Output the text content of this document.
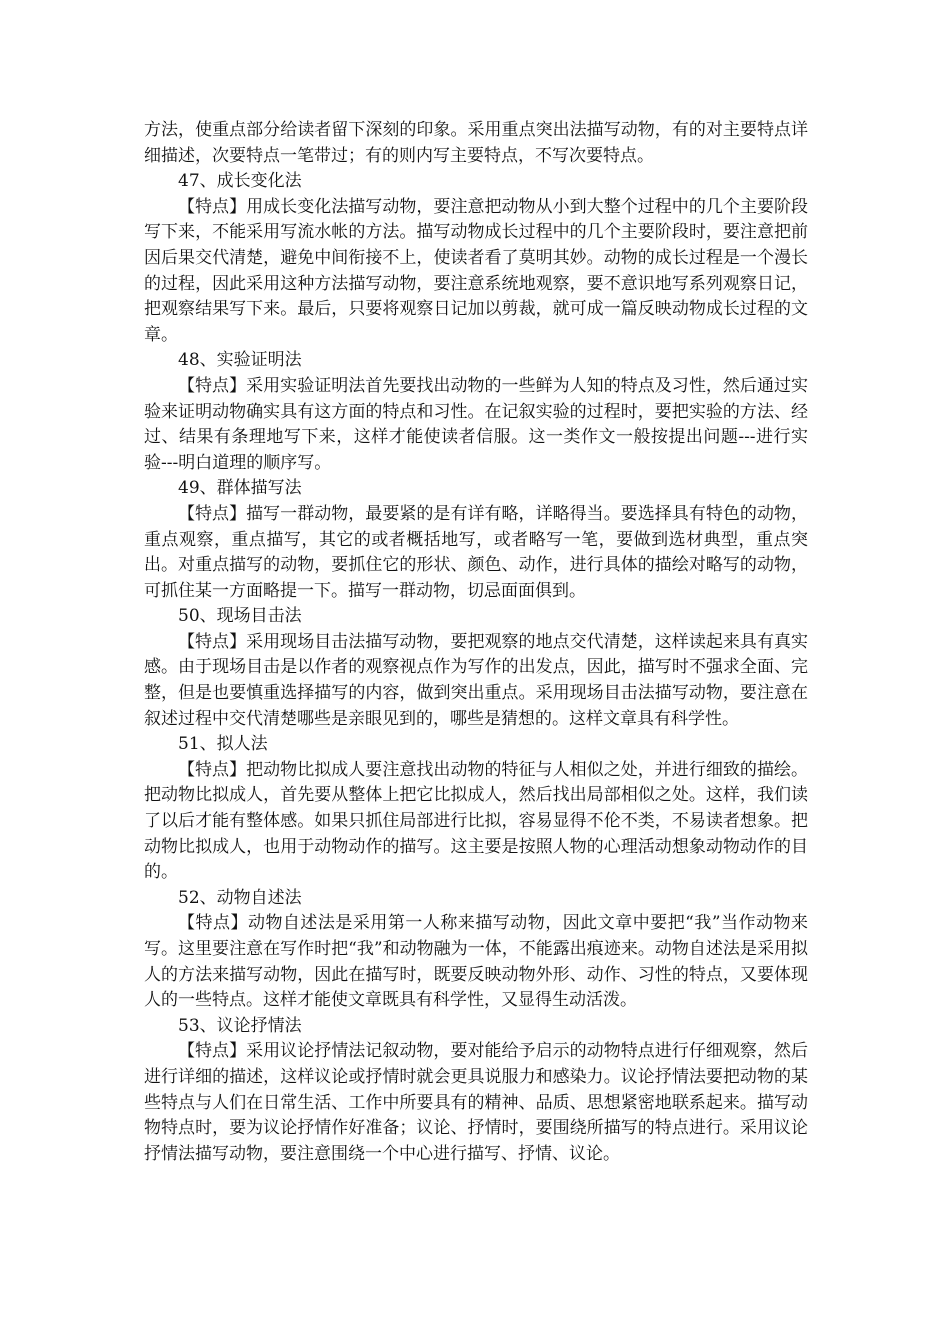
方法，使重点部分给读者留下深刻的印象。采用重点突出法描写动物，有的对主要特点详细描述，次要特点一笔带过；有的则内写主要特点，不写次要特点。

47、成长变化法

【特点】用成长变化法描写动物，要注意把动物从小到大整个过程中的几个主要阶段写下来，不能采用写流水帐的方法。描写动物成长过程中的几个主要阶段时，要注意把前因后果交代清楚，避免中间衔接不上，使读者看了莫明其妙。动物的成长过程是一个漫长的过程，因此采用这种方法描写动物，要注意系统地观察，要不意识地写系列观察日记，把观察结果写下来。最后，只要将观察日记加以剪裁，就可成一篇反映动物成长过程的文章。

48、实验证明法

【特点】采用实验证明法首先要找出动物的一些鲜为人知的特点及习性，然后通过实验来证明动物确实具有这方面的特点和习性。在记叙实验的过程时，要把实验的方法、经过、结果有条理地写下来，这样才能使读者信服。这一类作文一般按提出问题---进行实验---明白道理的顺序写。

49、群体描写法

【特点】描写一群动物，最要紧的是有详有略，详略得当。要选择具有特色的动物，重点观察，重点描写，其它的或者概括地写，或者略写一笔，要做到选材典型，重点突出。对重点描写的动物，要抓住它的形状、颜色、动作，进行具体的描绘对略写的动物，可抓住某一方面略提一下。描写一群动物，切忌面面俱到。

50、现场目击法

【特点】采用现场目击法描写动物，要把观察的地点交代清楚，这样读起来具有真实感。由于现场目击是以作者的观察视点作为写作的出发点，因此，描写时不强求全面、完整，但是也要慎重选择描写的内容，做到突出重点。采用现场目击法描写动物，要注意在叙述过程中交代清楚哪些是亲眼见到的，哪些是猜想的。这样文章具有科学性。

51、拟人法

【特点】把动物比拟成人要注意找出动物的特征与人相似之处，并进行细致的描绘。把动物比拟成人，首先要从整体上把它比拟成人，然后找出局部相似之处。这样，我们读了以后才能有整体感。如果只抓住局部进行比拟，容易显得不伦不类，不易读者想象。把动物比拟成人，也用于动物动作的描写。这主要是按照人物的心理活动想象动物动作的目的。

52、动物自述法

【特点】动物自述法是采用第一人称来描写动物，因此文章中要把“我”当作动物来写。这里要注意在写作时把“我”和动物融为一体，不能露出痕迹来。动物自述法是采用拟人的方法来描写动物，因此在描写时，既要反映动物外形、动作、习性的特点，又要体现人的一些特点。这样才能使文章既具有科学性，又显得生动活泼。

53、议论抒情法

【特点】采用议论抒情法记叙动物，要对能给予启示的动物特点进行仔细观察，然后进行详细的描述，这样议论或抒情时就会更具说服力和感染力。议论抒情法要把动物的某些特点与人们在日常生活、工作中所要具有的精神、品质、思想紧密地联系起来。描写动物特点时，要为议论抒情作好准备；议论、抒情时，要围绕所描写的特点进行。采用议论抒情法描写动物，要注意围绕一个中心进行描写、抒情、议论。
